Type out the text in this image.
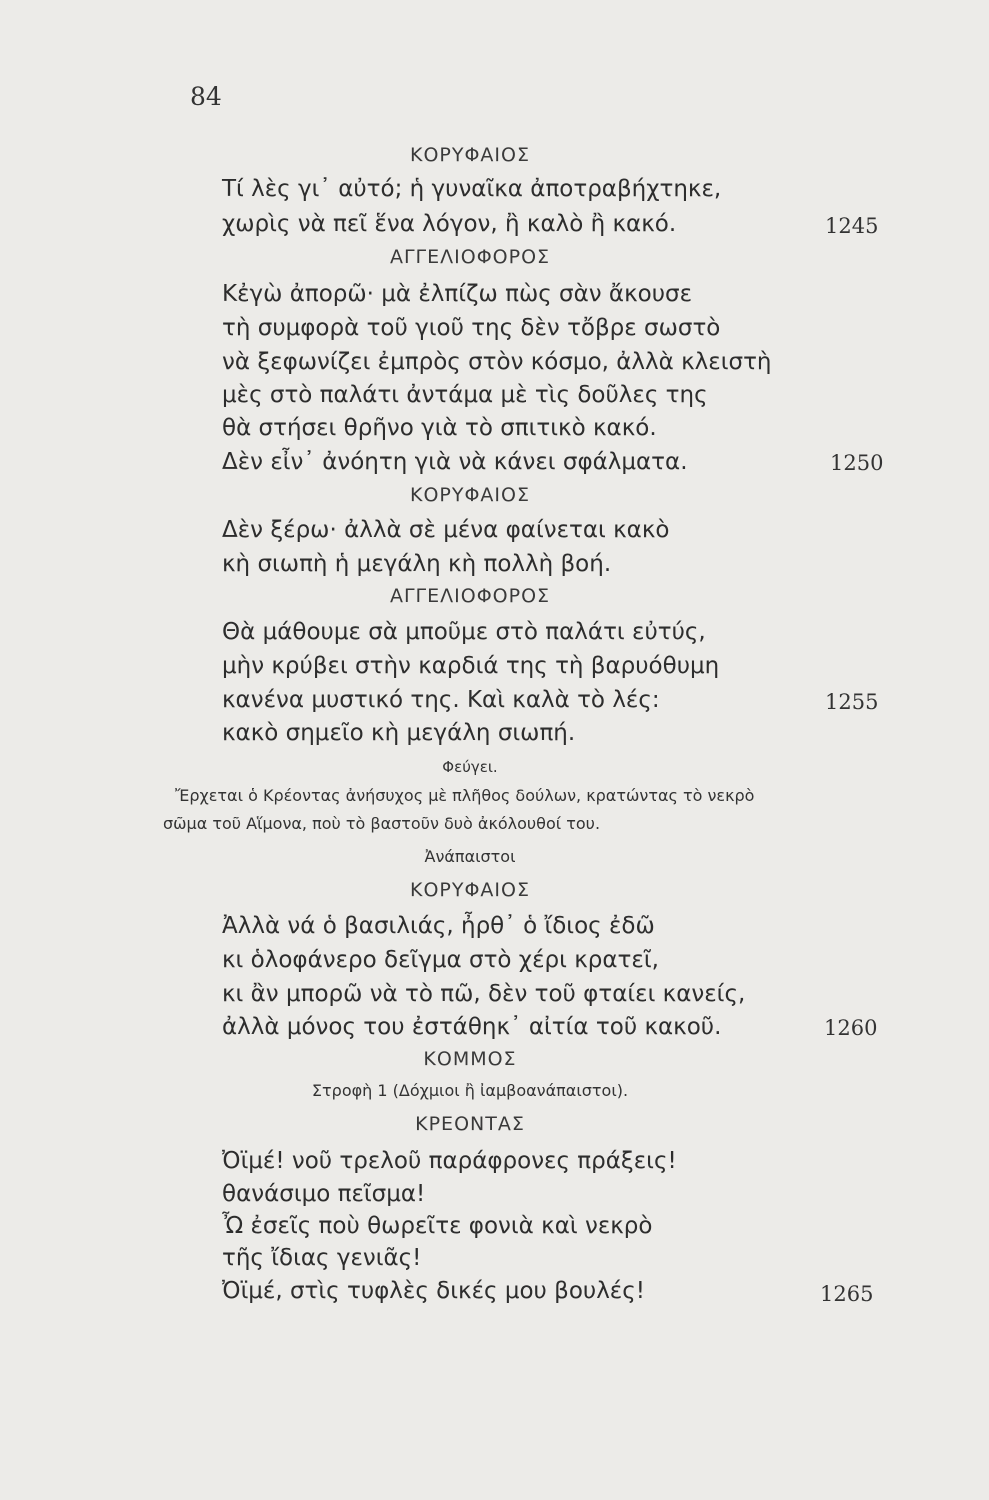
84
ΚΟΡΥΦΑΙΟΣ
Τί λὲς γι᾽ αὐτό; ἡ γυναῖκα ἀποτραβήχτηκε,
χωρὶς νὰ πεῖ ἕνα λόγον, ἢ καλὸ ἢ κακό.	1245
ΑΓΓΕΛΙΟΦΟΡΟΣ
Κἐγὼ ἀπορῶ· μὰ ἐλπίζω πὼς σὰν ἄκουσε
τὴ συμφορὰ τοῦ γιοῦ της δὲν τὄβρε σωστὸ
νὰ ξεφωνίζει ἐμπρὸς στὸν κόσμο, ἀλλὰ κλειστὴ
μὲς στὸ παλάτι ἀντάμα μὲ τὶς δοῦλες της
θὰ στήσει θρῆνο γιὰ τὸ σπιτικὸ κακό.
Δὲν εἶν᾽ ἀνόητη γιὰ νὰ κάνει σφάλματα.	1250
ΚΟΡΥΦΑΙΟΣ
Δὲν ξέρω· ἀλλὰ σὲ μένα φαίνεται κακὸ
κὴ σιωπὴ ἡ μεγάλη κὴ πολλὴ βοή.
ΑΓΓΕΛΙΟΦΟΡΟΣ
Θὰ μάθουμε σὰ μποῦμε στὸ παλάτι εὐτύς,
μὴν κρύβει στὴν καρδιά της τὴ βαρυόθυμη
κανένα μυστικό της. Καὶ καλὰ τὸ λές:	1255
κακὸ σημεῖο κὴ μεγάλη σιωπή.
Φεύγει.
Ἔρχεται ὁ Κρέοντας ἀνήσυχος μὲ πλῆθος δούλων, κρατώντας τὸ νεκρὸ
σῶμα τοῦ Αἵμονα, ποὺ τὸ βαστοῦν δυὸ ἀκόλουθοί του.
Ἀνάπαιστοι
ΚΟΡΥΦΑΙΟΣ
Ἀλλὰ νά ὁ βασιλιάς, ἦρθ᾽ ὁ ἴδιος ἐδῶ
κι ὁλοφάνερο δεῖγμα στὸ χέρι κρατεῖ,
κι ἂν μπορῶ νὰ τὸ πῶ, δὲν τοῦ φταίει κανείς,
ἀλλὰ μόνος του ἐστάθηκ᾽ αἰτία τοῦ κακοῦ.	1260
ΚΟΜΜΟΣ
Στροφὴ 1 (Δόχμιοι ἢ ἰαμβοανάπαιστοι).
ΚΡΕΟΝΤΑΣ
Ὀϊμέ! νοῦ τρελοῦ παράφρονες πράξεις!
θανάσιμο πεῖσμα!
Ὦ ἐσεῖς ποὺ θωρεῖτε φονιὰ καὶ νεκρὸ
τῆς ἴδιας γενιᾶς!
Ὀϊμέ, στὶς τυφλὲς δικές μου βουλές!	1265
